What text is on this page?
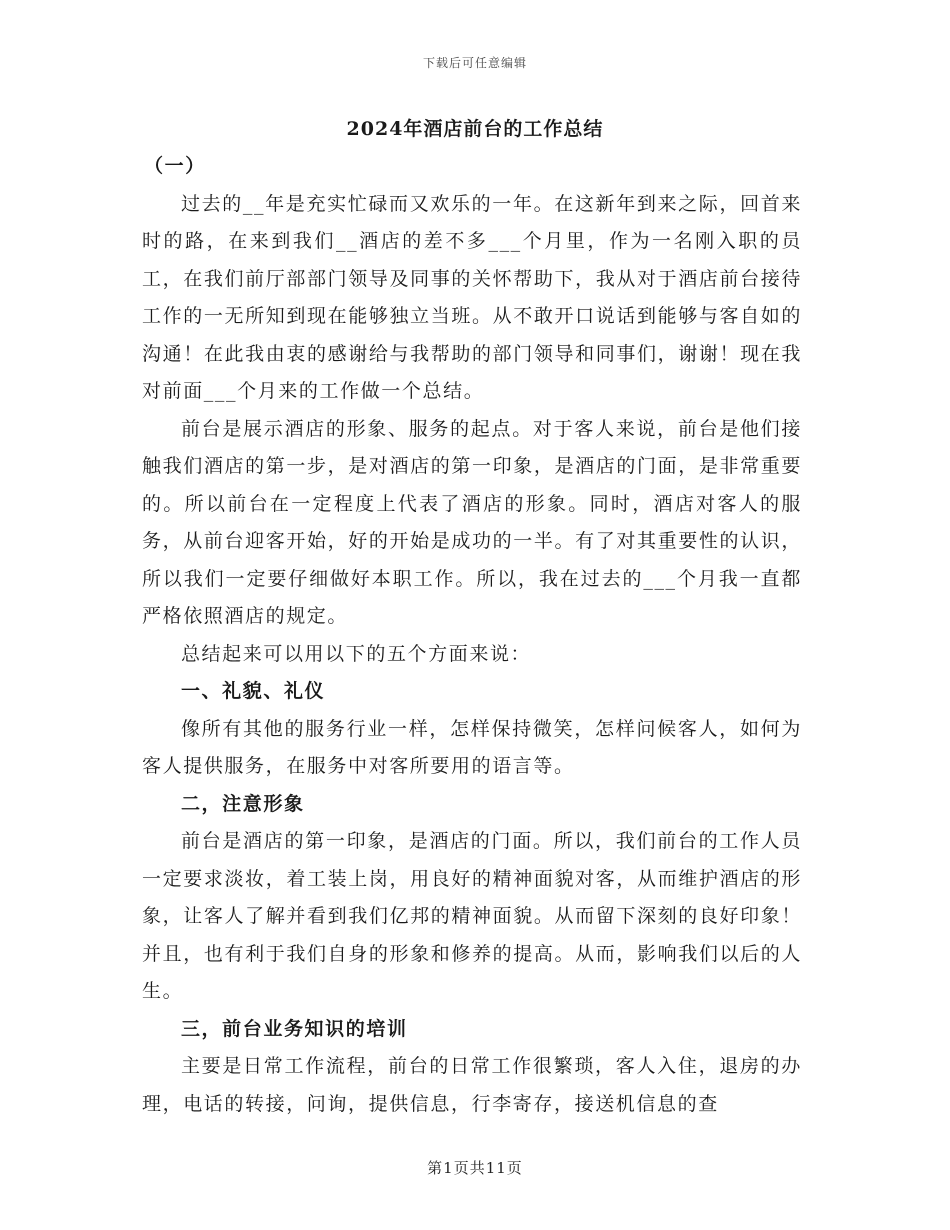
下载后可任意编辑
2024年酒店前台的工作总结
（一）
过去的__年是充实忙碌而又欢乐的一年。在这新年到来之际，回首来时的路，在来到我们__酒店的差不多___个月里，作为一名刚入职的员工，在我们前厅部部门领导及同事的关怀帮助下，我从对于酒店前台接待工作的一无所知到现在能够独立当班。从不敢开口说话到能够与客自如的沟通！在此我由衷的感谢给与我帮助的部门领导和同事们，谢谢！现在我对前面___个月来的工作做一个总结。
前台是展示酒店的形象、服务的起点。对于客人来说，前台是他们接触我们酒店的第一步，是对酒店的第一印象，是酒店的门面，是非常重要的。所以前台在一定程度上代表了酒店的形象。同时，酒店对客人的服务，从前台迎客开始，好的开始是成功的一半。有了对其重要性的认识，所以我们一定要仔细做好本职工作。所以，我在过去的___个月我一直都严格依照酒店的规定。
总结起来可以用以下的五个方面来说：
一、礼貌、礼仪
像所有其他的服务行业一样，怎样保持微笑，怎样问候客人，如何为客人提供服务，在服务中对客所要用的语言等。
二，注意形象
前台是酒店的第一印象，是酒店的门面。所以，我们前台的工作人员一定要求淡妆，着工装上岗，用良好的精神面貌对客，从而维护酒店的形象，让客人了解并看到我们亿邦的精神面貌。从而留下深刻的良好印象！并且，也有利于我们自身的形象和修养的提高。从而，影响我们以后的人生。
三，前台业务知识的培训
主要是日常工作流程，前台的日常工作很繁琐，客人入住，退房的办理，电话的转接，问询，提供信息，行李寄存，接送机信息的查
第1页共11页
